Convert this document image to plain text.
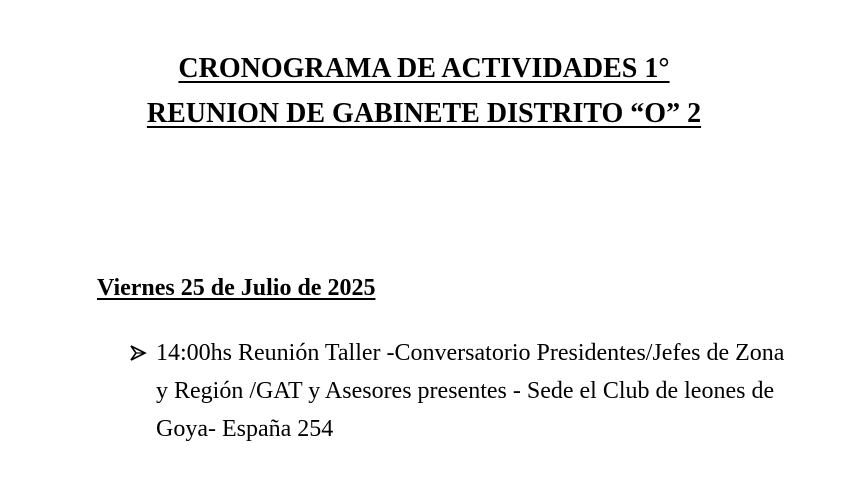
CRONOGRAMA DE ACTIVIDADES 1°
REUNION DE GABINETE DISTRITO “O” 2
Viernes 25 de Julio de 2025
14:00hs Reunión Taller -Conversatorio Presidentes/Jefes de Zona y Región /GAT y Asesores presentes - Sede el Club de leones de Goya- España 254
